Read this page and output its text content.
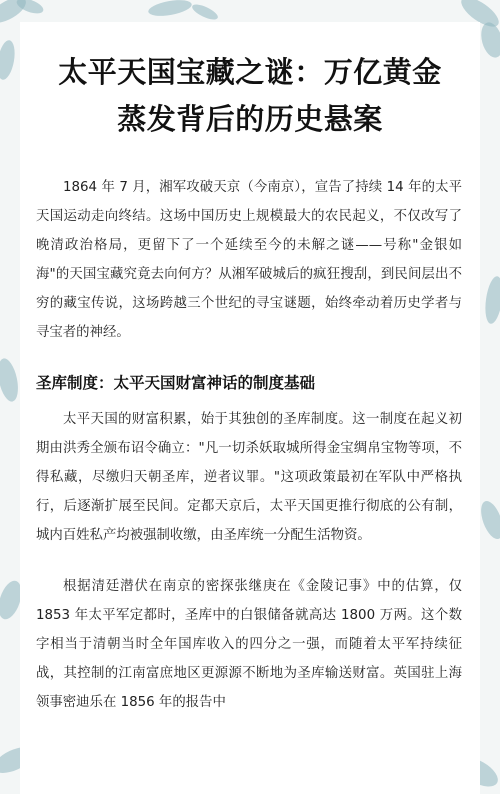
太平天国宝藏之谜：万亿黄金
蒸发背后的历史悬案

1864 年 7 月，湘军攻破天京（今南京），宣告了持续 14 年的太平天国运动走向终结。这场中国历史上规模最大的农民起义，不仅改写了晚清政治格局，更留下了一个延续至今的未解之谜——号称"金银如海"的天国宝藏究竟去向何方？从湘军破城后的疯狂搜刮，到民间层出不穷的藏宝传说，这场跨越三个世纪的寻宝谜题，始终牵动着历史学者与寻宝者的神经。

圣库制度：太平天国财富神话的制度基础

太平天国的财富积累，始于其独创的圣库制度。这一制度在起义初期由洪秀全颁布诏令确立："凡一切杀妖取城所得金宝绸帛宝物等项，不得私藏，尽缴归天朝圣库，逆者议罪。"这项政策最初在军队中严格执行，后逐渐扩展至民间。定都天京后，太平天国更推行彻底的公有制，城内百姓私产均被强制收缴，由圣库统一分配生活物资。

根据清廷潜伏在南京的密探张继庚在《金陵记事》中的估算，仅 1853 年太平军定都时，圣库中的白银储备就高达 1800 万两。这个数字相当于清朝当时全年国库收入的四分之一强，而随着太平军持续征战，其控制的江南富庶地区更源源不断地为圣库输送财富。英国驻上海领事密迪乐在 1856 年的报告中
